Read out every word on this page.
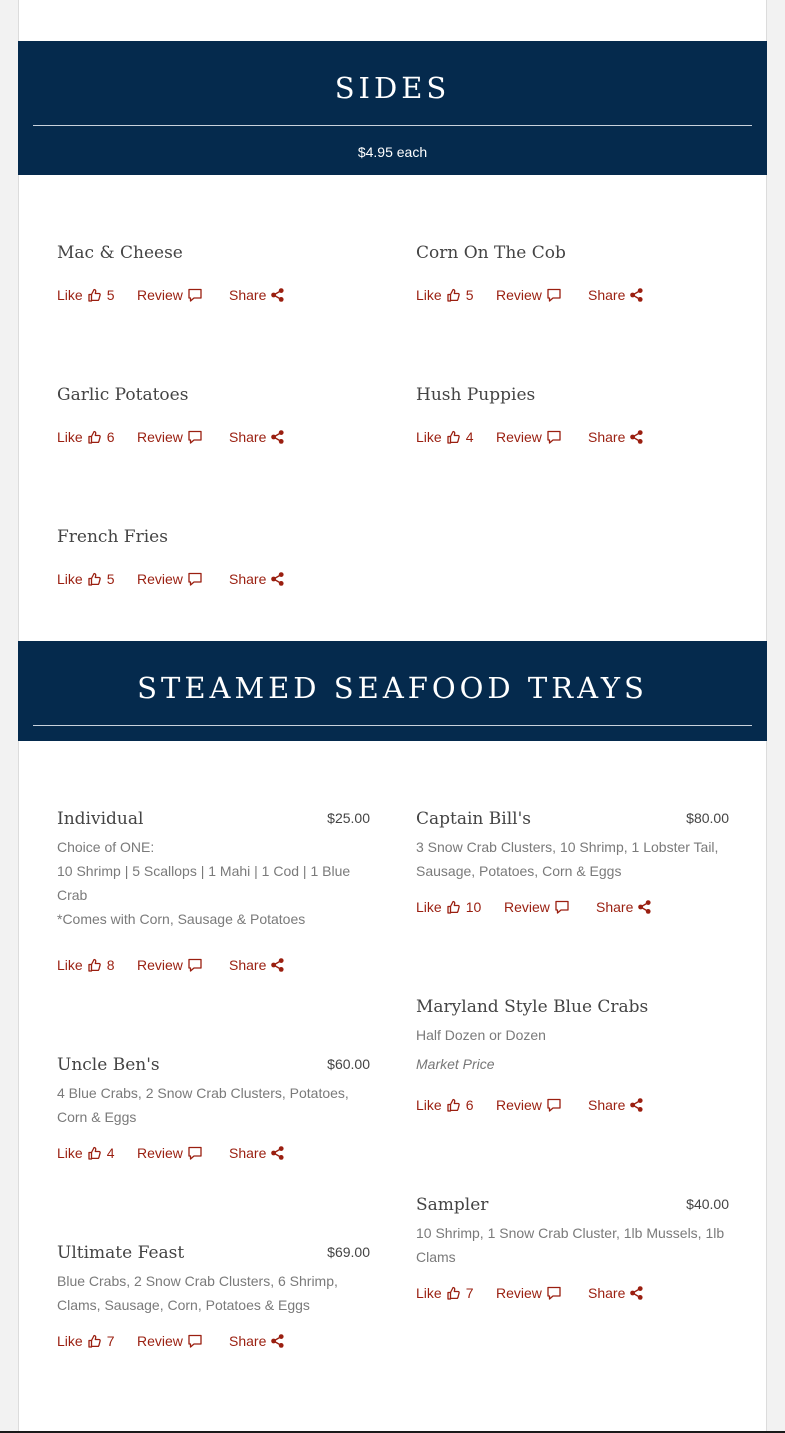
SIDES
$4.95 each
Mac & Cheese
Like 5 Review	Share
Corn On The Cob
Like 5 Review	Share
Garlic Potatoes
Like 6 Review	Share
Hush Puppies
Like 4 Review	Share
French Fries
Like 5 Review	Share
STEAMED SEAFOOD TRAYS
Individual	$25.00
Choice of ONE:
10 Shrimp | 5 Scallops | 1 Mahi | 1 Cod | 1 Blue Crab
*Comes with Corn, Sausage & Potatoes
Like 8 Review	Share
Uncle Ben's	$60.00
4 Blue Crabs, 2 Snow Crab Clusters, Potatoes, Corn & Eggs
Like 4 Review	Share
Ultimate Feast	$69.00
Blue Crabs, 2 Snow Crab Clusters, 6 Shrimp, Clams, Sausage, Corn, Potatoes & Eggs
Like 7 Review	Share
Captain Bill's	$80.00
3 Snow Crab Clusters, 10 Shrimp, 1 Lobster Tail, Sausage, Potatoes, Corn & Eggs
Like 10 Review	Share
Maryland Style Blue Crabs
Half Dozen or Dozen
Market Price
Like 6 Review	Share
Sampler	$40.00
10 Shrimp, 1 Snow Crab Cluster, 1lb Mussels, 1lb Clams
Like 7 Review	Share
